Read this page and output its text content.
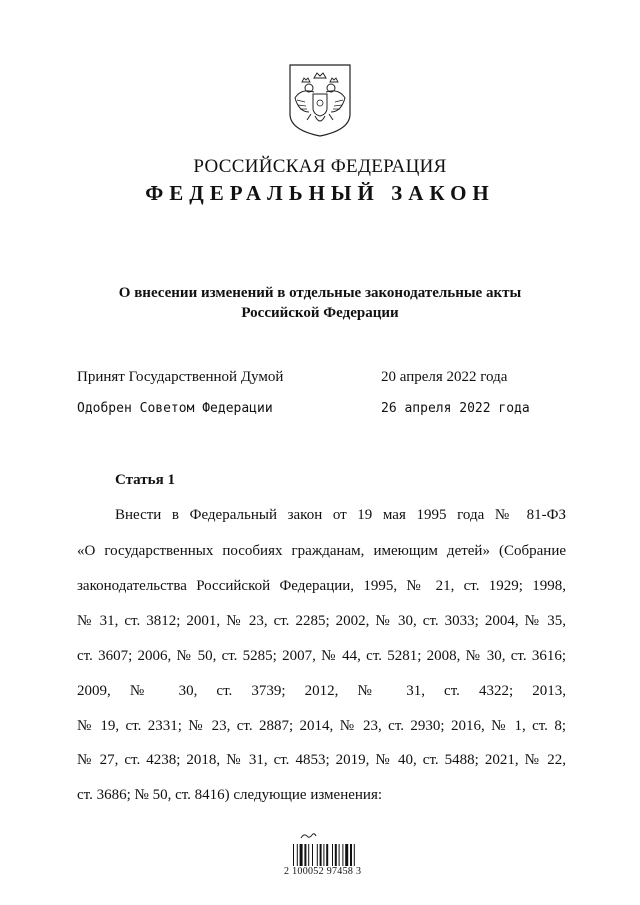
РОССИЙСКАЯ ФЕДЕРАЦИЯ
ФЕДЕРАЛЬНЫЙ ЗАКОН
О внесении изменений в отдельные законодательные акты
Российской Федерации
Принят Государственной Думой	20 апреля 2022 года
Одобрен Советом Федерации	26 апреля 2022 года
Статья 1
Внести в Федеральный закон от 19 мая 1995 года № 81-ФЗ
«О государственных пособиях гражданам, имеющим детей» (Собрание
законодательства Российской Федерации, 1995, № 21, ст. 1929; 1998,
№ 31, ст. 3812; 2001, № 23, ст. 2285; 2002, № 30, ст. 3033; 2004, № 35,
ст. 3607; 2006, № 50, ст. 5285; 2007, № 44, ст. 5281; 2008, № 30, ст. 3616;
2009, № 30, ст. 3739; 2012, № 31, ст. 4322; 2013,
№ 19, ст. 2331; № 23, ст. 2887; 2014, № 23, ст. 2930; 2016, № 1, ст. 8;
№ 27, ст. 4238; 2018, № 31, ст. 4853; 2019, № 40, ст. 5488; 2021, № 22,
ст. 3686; № 50, ст. 8416) следующие изменения:
2 100052 97458 3
